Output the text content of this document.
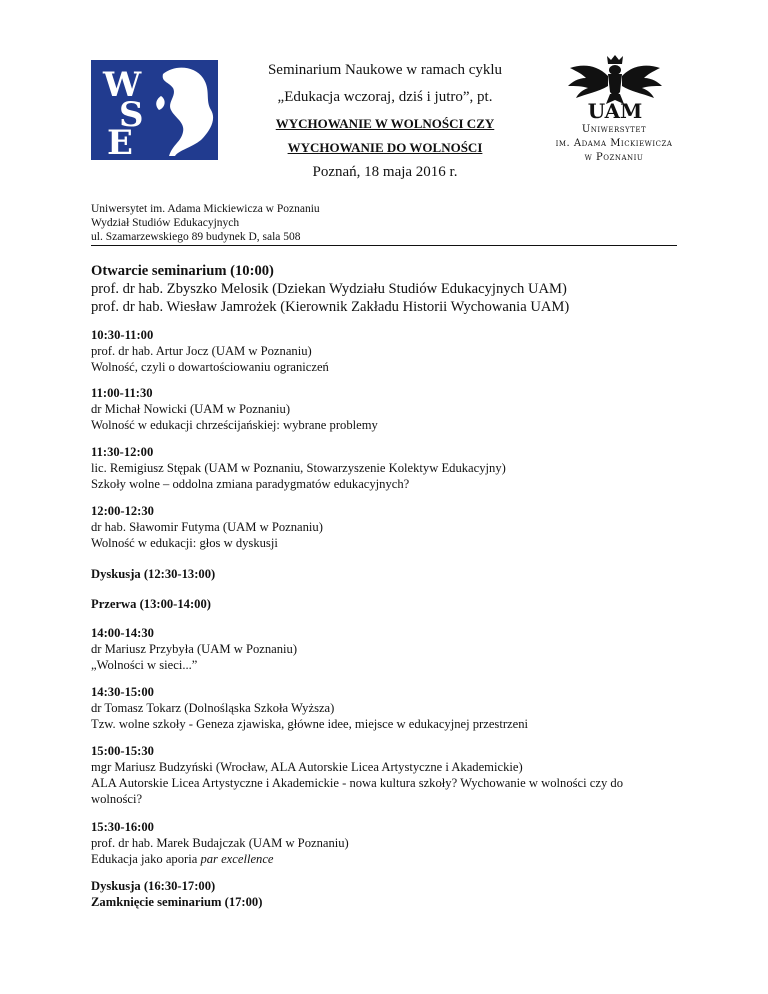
W
S
E
UAM
Uniwersytet
im. Adama Mickiewicza
w Poznaniu
Seminarium Naukowe w ramach cyklu
„Edukacja wczoraj, dziś i jutro”, pt.
WYCHOWANIE W WOLNOŚCI CZY
WYCHOWANIE DO WOLNOŚCI
Poznań, 18 maja 2016 r.
Uniwersytet im. Adama Mickiewicza w Poznaniu
Wydział Studiów Edukacyjnych
ul. Szamarzewskiego 89 budynek D, sala 508
Otwarcie seminarium (10:00)
prof. dr hab. Zbyszko Melosik (Dziekan Wydziału Studiów Edukacyjnych UAM)
prof. dr hab. Wiesław Jamrożek (Kierownik Zakładu Historii Wychowania UAM)
10:30-11:00
prof. dr hab. Artur Jocz (UAM w Poznaniu)
Wolność, czyli o dowartościowaniu ograniczeń
11:00-11:30
dr Michał Nowicki (UAM w Poznaniu)
Wolność w edukacji chrześcijańskiej: wybrane problemy
11:30-12:00
lic. Remigiusz Stępak (UAM w Poznaniu, Stowarzyszenie Kolektyw Edukacyjny)
Szkoły wolne – oddolna zmiana paradygmatów edukacyjnych?
12:00-12:30
dr hab. Sławomir Futyma (UAM w Poznaniu)
Wolność w edukacji: głos w dyskusji
Dyskusja (12:30-13:00)
Przerwa (13:00-14:00)
14:00-14:30
dr Mariusz Przybyła (UAM w Poznaniu)
„Wolności w sieci...”
14:30-15:00
dr Tomasz Tokarz (Dolnośląska Szkoła Wyższa)
Tzw. wolne szkoły - Geneza zjawiska, główne idee, miejsce w edukacyjnej przestrzeni
15:00-15:30
mgr Mariusz Budzyński (Wrocław, ALA Autorskie Licea Artystyczne i Akademickie)
ALA Autorskie Licea Artystyczne i Akademickie - nowa kultura szkoły? Wychowanie w wolności czy do wolności?
15:30-16:00
prof. dr hab. Marek Budajczak (UAM w Poznaniu)
Edukacja jako aporia par excellence
Dyskusja (16:30-17:00)
Zamknięcie seminarium (17:00)
